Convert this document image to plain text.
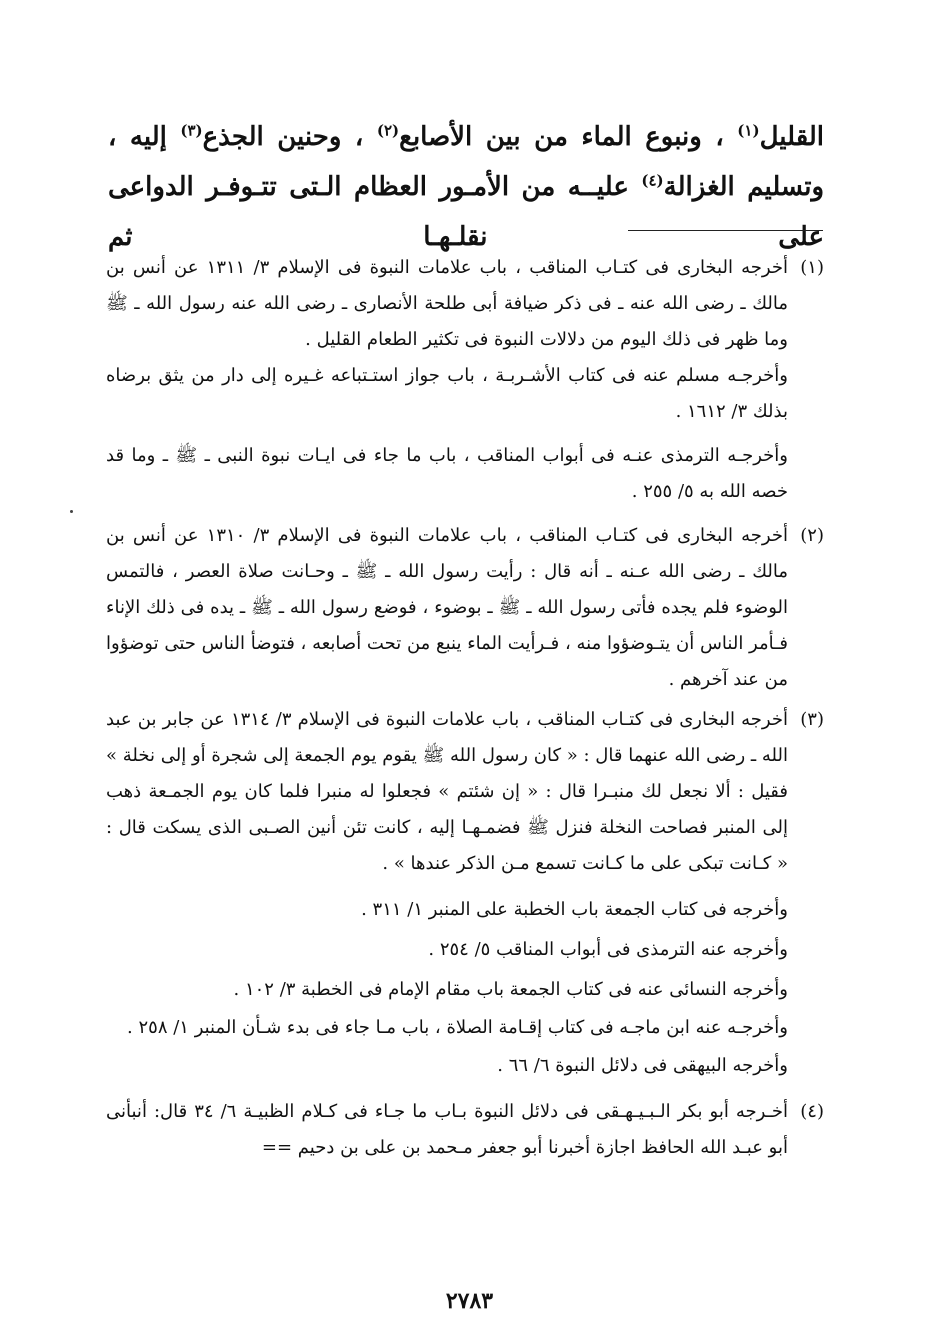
القليل$^{(١)}$ ، ونبوع الماء من بين الأصابع$^{(٢)}$ ، وحنين الجذع$^{(٣)}$ إليه ، وتسليم الغزالة$^{(٤)}$ عليــه من الأمـور العظام الـتى تتـوفـر الدواعى على نقلـهـا ثم

(١)

أخرجه البخارى فى كتـاب المناقب ، باب علامات النبوة فى الإسلام ٣/ ١٣١١ عن أنس بن مالك ـ رضى الله عنه ـ فى ذكر ضيافة أبى طلحة الأنصارى ـ رضى الله عنه رسول الله ـ ﷺ وما ظهر فى ذلك اليوم من دلالات النبوة فى تكثير الطعام القليل .

وأخرجـه مسلم عنه فى كتاب الأشـربـة ، باب جواز استـتباعه غـيره إلى دار من يثق برضاه بذلك ٣/ ١٦١٢ .

وأخرجـه الترمذى عنـه فى أبواب المناقب ، باب ما جاء فى ايـات نبوة النبى ـ ﷺ ـ وما قد خصه الله به ٥/ ٢٥٥ .

(٢)

أخرجه البخارى فى كتـاب المناقب ، باب علامات النبوة فى الإسلام ٣/ ١٣١٠ عن أنس بن مالك ـ رضى الله عـنه ـ أنه قال : رأيت رسول الله ـ ﷺ ـ وحـانت صلاة العصر ، فالتمس الوضوء فلم يجده فأتى رسول الله ـ ﷺ ـ بوضوء ، فوضع رسول الله ـ ﷺ ـ يده فى ذلك الإناء فـأمر الناس أن يتـوضؤوا منه ، فـرأيت الماء ينبع من تحت أصابعه ، فتوضأ الناس حتى توضؤوا من عند آخرهم .

(٣)

أخرجه البخارى فى كتـاب المناقب ، باب علامات النبوة فى الإسلام ٣/ ١٣١٤ عن جابر بن عبد الله ـ رضى الله عنهما قال : « كان رسول الله ﷺ يقوم يوم الجمعة إلى شجرة أو إلى نخلة » فقيل : ألا نجعل لك منبـرا قال : « إن شئتم » فجعلوا له منبرا فلما كان يوم الجمـعة ذهب إلى المنبر فصاحت النخلة فنزل ﷺ فضمـهـا إليه ، كانت تئن أنين الصـبى الذى يسكت قال : « كـانت تبكى على ما كـانت تسمع مـن الذكر عندها » .

وأخرجه فى كتاب الجمعة باب الخطبة على المنبر ١/ ٣١١ .

وأخرجه عنه الترمذى فى أبواب المناقب ٥/ ٢٥٤ .

وأخرجه النسائى عنه فى كتاب الجمعة باب مقام الإمام فى الخطبة ٣/ ١٠٢ .

وأخرجـه عنه ابن ماجـه فى كتاب إقـامة الصلاة ، باب مـا جاء فى بدء شـأن المنبر ١/ ٢٥٨ .

وأخرجه البيهقى فى دلائل النبوة ٦/ ٦٦ .

(٤)

أخـرجه أبو بكر الـبـيـهـقى فى دلائل النبوة بـاب ما جـاء فى كـلام الظبيـة ٦/ ٣٤ قال: أنبأنى أبو عبـد الله الحافظ اجازة أخبرنا أبو جعفر مـحمد بن على بن دحيم ==

٢٧٨٣
